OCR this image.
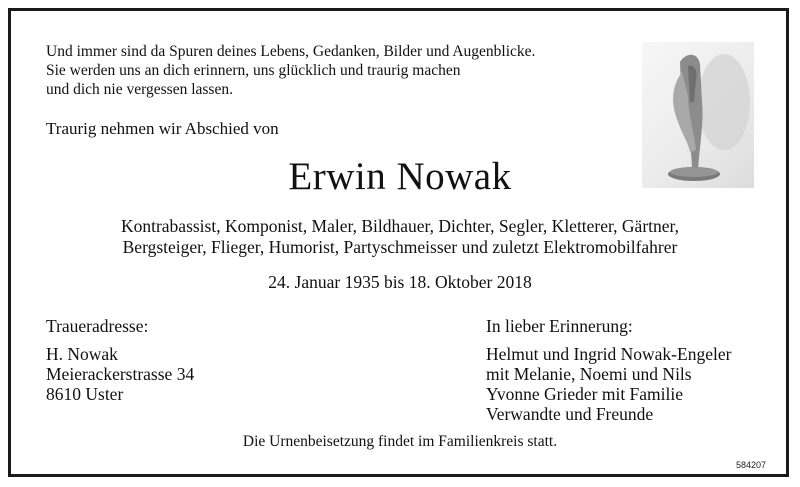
Und immer sind da Spuren deines Lebens, Gedanken, Bilder und Augenblicke.
Sie werden uns an dich erinnern, uns glücklich und traurig machen
und dich nie vergessen lassen.
Traurig nehmen wir Abschied von
Erwin Nowak
Kontrabassist, Komponist, Maler, Bildhauer, Dichter, Segler, Kletterer, Gärtner,
Bergsteiger, Flieger, Humorist, Partyschmeisser und zuletzt Elektromobilfahrer
24. Januar 1935 bis 18. Oktober 2018
Traueradresse:
H. Nowak
Meierackerstrasse 34
8610 Uster
In lieber Erinnerung:
Helmut und Ingrid Nowak-Engeler
mit Melanie, Noemi und Nils
Yvonne Grieder mit Familie
Verwandte und Freunde
Die Urnenbeisetzung findet im Familienkreis statt.
584207
